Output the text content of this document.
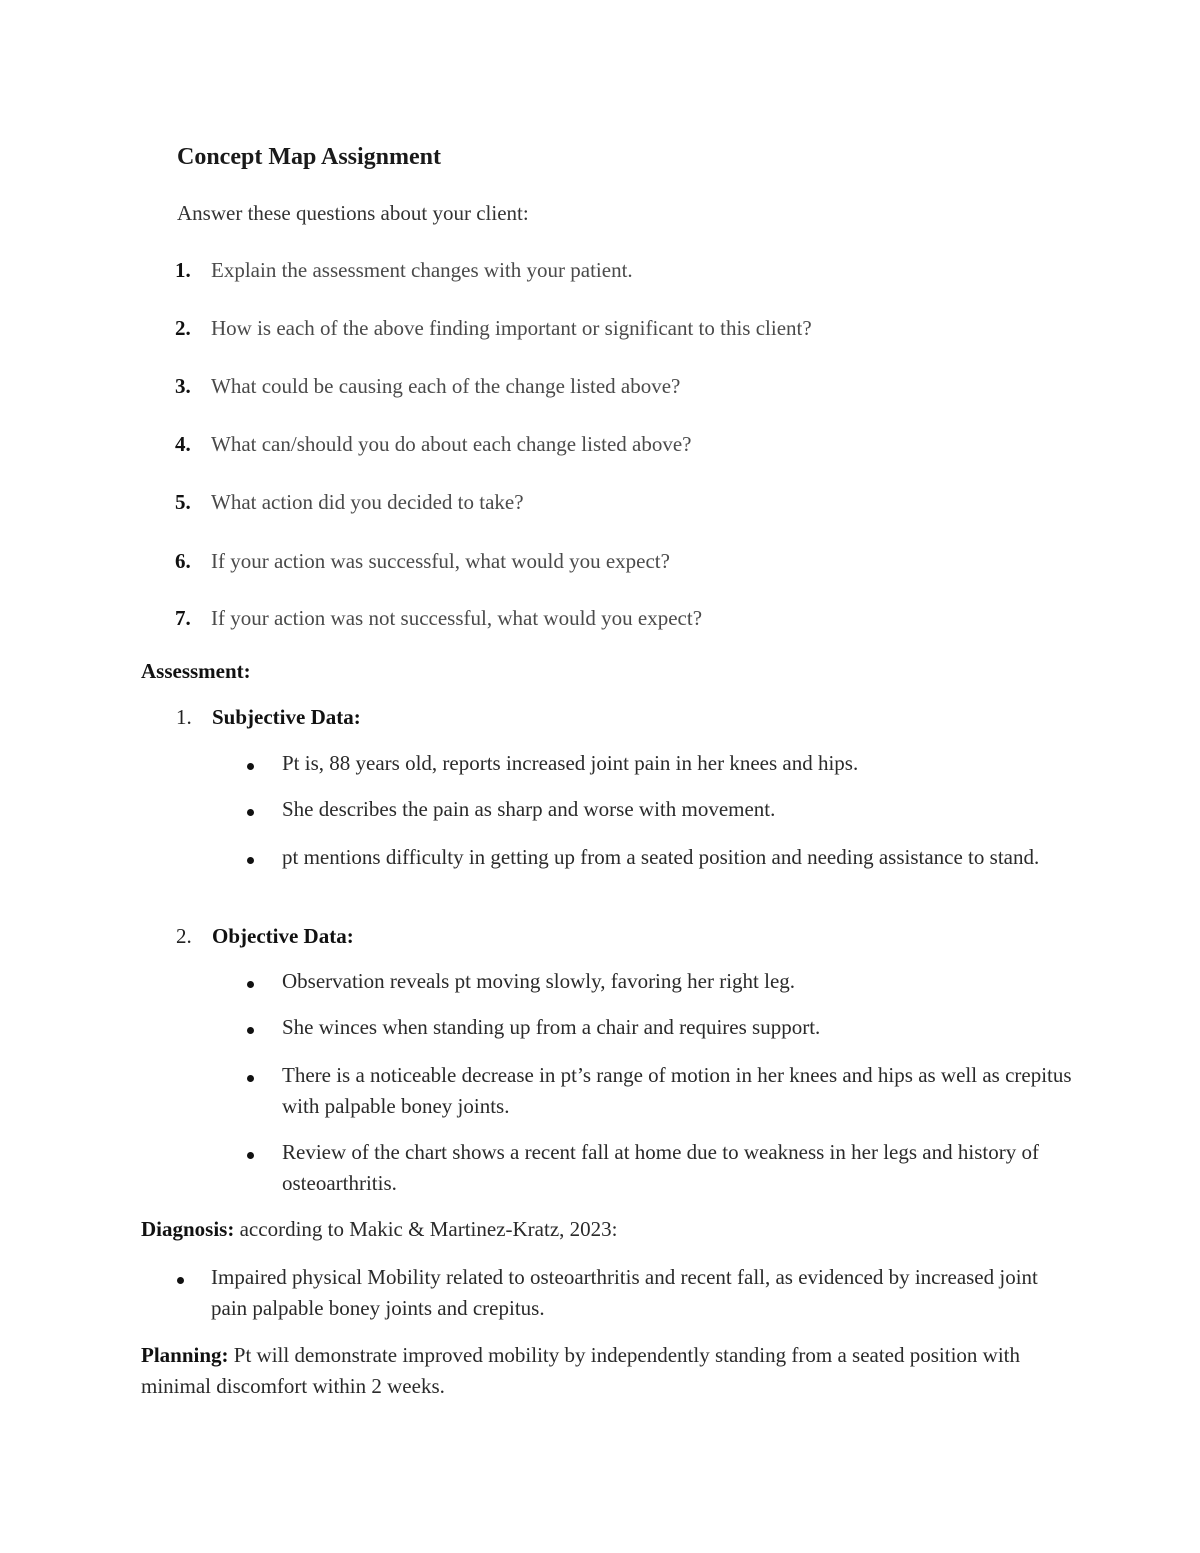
Concept Map Assignment
Answer these questions about your client:
1. Explain the assessment changes with your patient.
2. How is each of the above finding important or significant to this client?
3. What could be causing each of the change listed above?
4. What can/should you do about each change listed above?
5. What action did you decided to take?
6. If your action was successful, what would you expect?
7. If your action was not successful, what would you expect?
Assessment:
1. Subjective Data:
Pt is, 88 years old, reports increased joint pain in her knees and hips.
She describes the pain as sharp and worse with movement.
pt mentions difficulty in getting up from a seated position and needing assistance to stand.
2. Objective Data:
Observation reveals pt moving slowly, favoring her right leg.
She winces when standing up from a chair and requires support.
There is a noticeable decrease in pt’s range of motion in her knees and hips as well as crepitus with palpable boney joints.
Review of the chart shows a recent fall at home due to weakness in her legs and history of osteoarthritis.
Diagnosis: according to Makic & Martinez-Kratz, 2023:
Impaired physical Mobility related to osteoarthritis and recent fall, as evidenced by increased joint pain palpable boney joints and crepitus.
Planning: Pt will demonstrate improved mobility by independently standing from a seated position with minimal discomfort within 2 weeks.
